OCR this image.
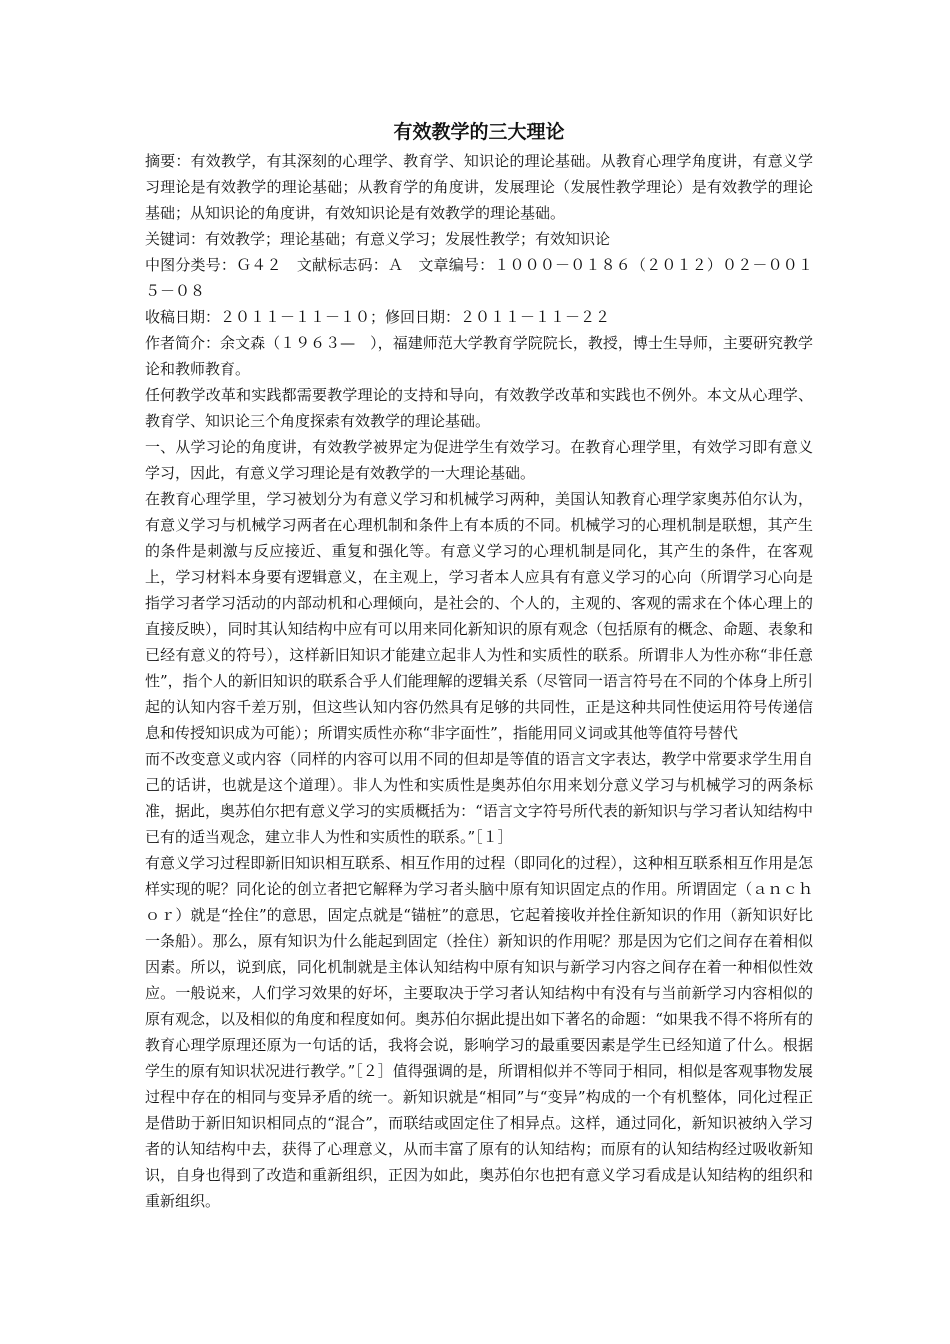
有效教学的三大理论

摘要：有效教学，有其深刻的心理学、教育学、知识论的理论基础。从教育心理学角度讲，有意义学习理论是有效教学的理论基础；从教育学的角度讲，发展理论（发展性教学理论）是有效教学的理论基础；从知识论的角度讲，有效知识论是有效教学的理论基础。

关键词：有效教学；理论基础；有意义学习；发展性教学；有效知识论

中图分类号：Ｇ４２　文献标志码：Ａ　文章编号：１０００－０１８６（２０１２）０２－００１５－０８

收稿日期：２０１１－１１－１０；修回日期：２０１１－１１－２２

作者简介：余文森（１９６３—　），福建师范大学教育学院院长，教授，博士生导师，主要研究教学论和教师教育。

任何教学改革和实践都需要教学理论的支持和导向，有效教学改革和实践也不例外。本文从心理学、教育学、知识论三个角度探索有效教学的理论基础。

一、从学习论的角度讲，有效教学被界定为促进学生有效学习。在教育心理学里，有效学习即有意义学习，因此，有意义学习理论是有效教学的一大理论基础。

在教育心理学里，学习被划分为有意义学习和机械学习两种，美国认知教育心理学家奥苏伯尔认为，有意义学习与机械学习两者在心理机制和条件上有本质的不同。机械学习的心理机制是联想，其产生的条件是刺激与反应接近、重复和强化等。有意义学习的心理机制是同化，其产生的条件，在客观上，学习材料本身要有逻辑意义，在主观上，学习者本人应具有有意义学习的心向（所谓学习心向是指学习者学习活动的内部动机和心理倾向，是社会的、个人的，主观的、客观的需求在个体心理上的直接反映），同时其认知结构中应有可以用来同化新知识的原有观念（包括原有的概念、命题、表象和已经有意义的符号），这样新旧知识才能建立起非人为性和实质性的联系。所谓非人为性亦称“非任意性”，指个人的新旧知识的联系合乎人们能理解的逻辑关系（尽管同一语言符号在不同的个体身上所引起的认知内容千差万别，但这些认知内容仍然具有足够的共同性，正是这种共同性使运用符号传递信息和传授知识成为可能）；所谓实质性亦称“非字面性”，指能用同义词或其他等值符号替代

而不改变意义或内容（同样的内容可以用不同的但却是等值的语言文字表达，教学中常要求学生用自己的话讲，也就是这个道理）。非人为性和实质性是奥苏伯尔用来划分意义学习与机械学习的两条标准，据此，奥苏伯尔把有意义学习的实质概括为：“语言文字符号所代表的新知识与学习者认知结构中已有的适当观念，建立非人为性和实质性的联系。”［１］

有意义学习过程即新旧知识相互联系、相互作用的过程（即同化的过程），这种相互联系相互作用是怎样实现的呢？同化论的创立者把它解释为学习者头脑中原有知识固定点的作用。所谓固定（ａｎｃｈｏｒ）就是“拴住”的意思，固定点就是“锚桩”的意思，它起着接收并拴住新知识的作用（新知识好比一条船）。那么，原有知识为什么能起到固定（拴住）新知识的作用呢？那是因为它们之间存在着相似因素。所以，说到底，同化机制就是主体认知结构中原有知识与新学习内容之间存在着一种相似性效应。一般说来，人们学习效果的好坏，主要取决于学习者认知结构中有没有与当前新学习内容相似的原有观念，以及相似的角度和程度如何。奥苏伯尔据此提出如下著名的命题：“如果我不得不将所有的教育心理学原理还原为一句话的话，我将会说，影响学习的最重要因素是学生已经知道了什么。根据学生的原有知识状况进行教学。”［２］值得强调的是，所谓相似并不等同于相同，相似是客观事物发展过程中存在的相同与变异矛盾的统一。新知识就是“相同”与“变异”构成的一个有机整体，同化过程正是借助于新旧知识相同点的“混合”，而联结或固定住了相异点。这样，通过同化，新知识被纳入学习者的认知结构中去，获得了心理意义，从而丰富了原有的认知结构；而原有的认知结构经过吸收新知识，自身也得到了改造和重新组织，正因为如此，奥苏伯尔也把有意义学习看成是认知结构的组织和重新组织。
